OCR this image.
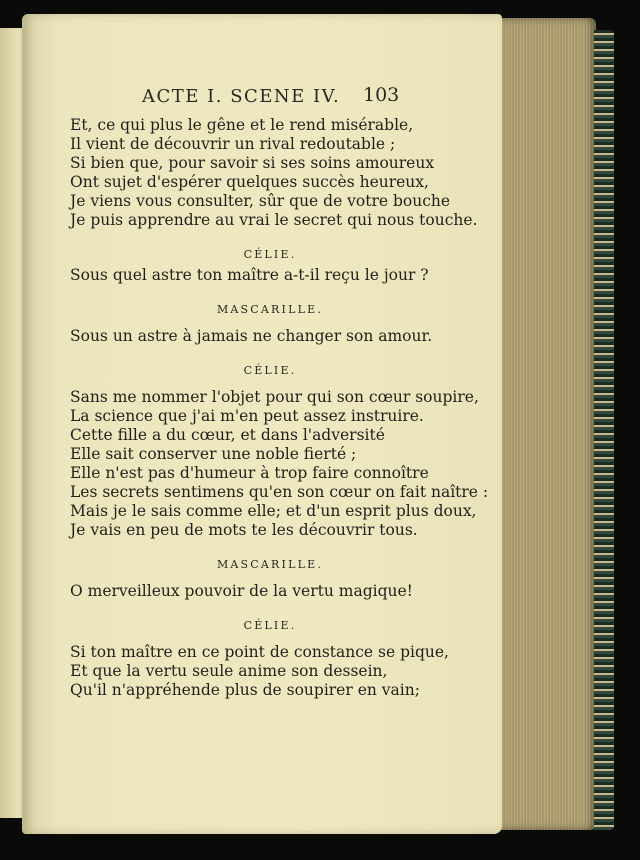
ACTE I. SCENE IV. 103
Et, ce qui plus le gêne et le rend misérable,
Il vient de découvrir un rival redoutable ;
Si bien que, pour savoir si ses soins amoureux
Ont sujet d'espérer quelques succès heureux,
Je viens vous consulter, sûr que de votre bouche
Je puis apprendre au vrai le secret qui nous touche.
CÉLIE.
Sous quel astre ton maître a-t-il reçu le jour ?
MASCARILLE.
Sous un astre à jamais ne changer son amour.
CÉLIE.
Sans me nommer l'objet pour qui son cœur soupire,
La science que j'ai m'en peut assez instruire.
Cette fille a du cœur, et dans l'adversité
Elle sait conserver une noble fierté ;
Elle n'est pas d'humeur à trop faire connoître
Les secrets sentimens qu'en son cœur on fait naître :
Mais je le sais comme elle; et d'un esprit plus doux,
Je vais en peu de mots te les découvrir tous.
MASCARILLE.
O merveilleux pouvoir de la vertu magique!
CÉLIE.
Si ton maître en ce point de constance se pique,
Et que la vertu seule anime son dessein,
Qu'il n'appréhende plus de soupirer en vain;
